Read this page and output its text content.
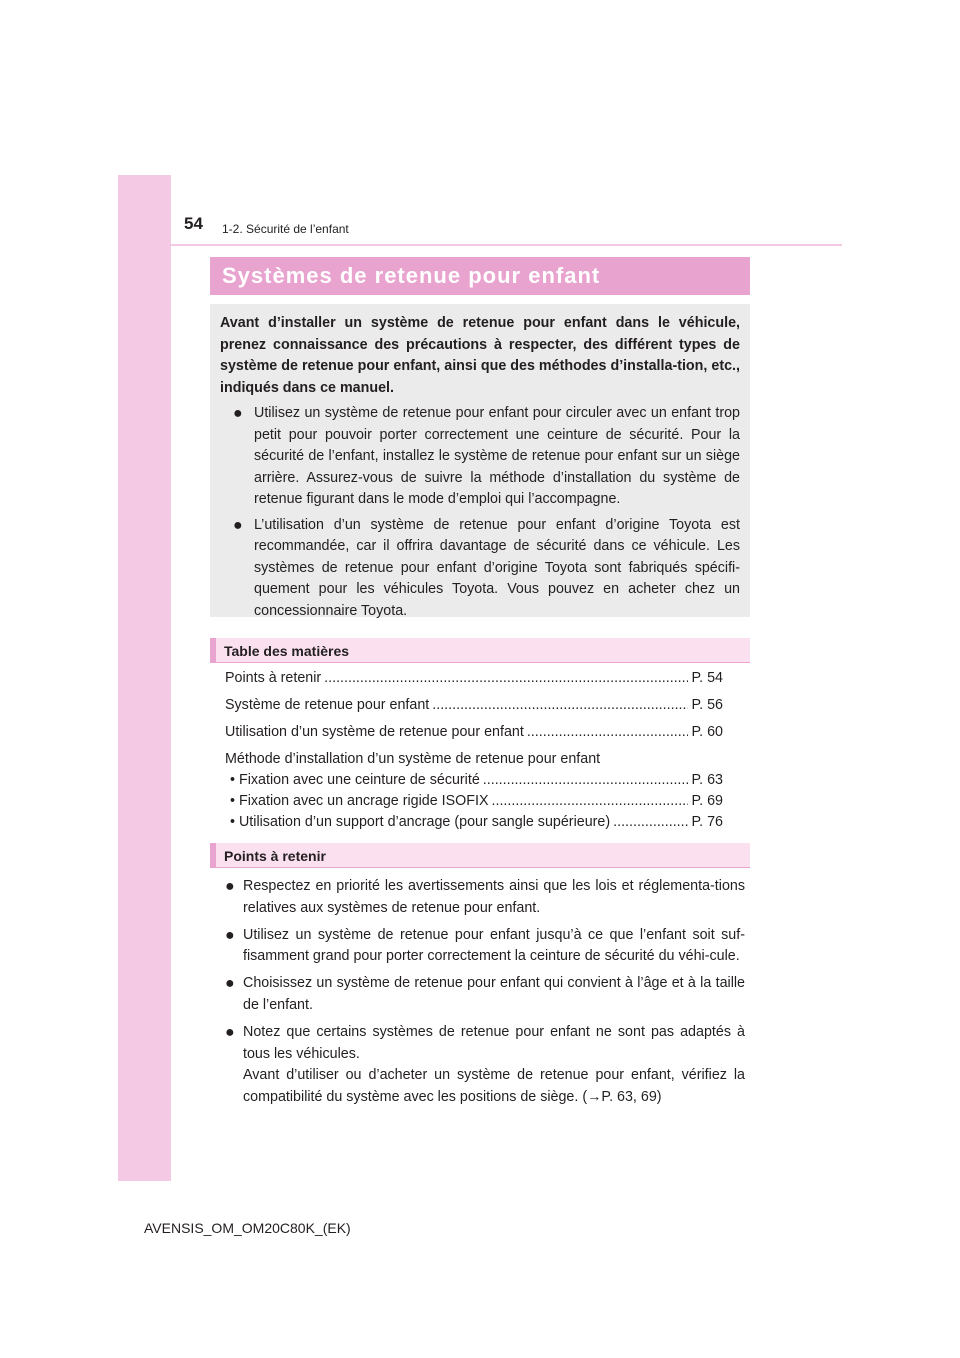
54 1-2. Sécurité de l’enfant
Systèmes de retenue pour enfant

Avant d’installer un système de retenue pour enfant dans le véhicule, prenez connaissance des précautions à respecter, des différent types de système de retenue pour enfant, ainsi que des méthodes d’installa-tion, etc., indiqués dans ce manuel.

● Utilisez un système de retenue pour enfant pour circuler avec un enfant trop petit pour pouvoir porter correctement une ceinture de sécurité. Pour la sécurité de l’enfant, installez le système de retenue pour enfant sur un siège arrière. Assurez-vous de suivre la méthode d’installation du système de retenue figurant dans le mode d’emploi qui l’accompagne.
● L’utilisation d’un système de retenue pour enfant d’origine Toyota est recommandée, car il offrira davantage de sécurité dans ce véhicule. Les systèmes de retenue pour enfant d’origine Toyota sont fabriqués spécifi-quement pour les véhicules Toyota. Vous pouvez en acheter chez un concessionnaire Toyota.
Table des matières
Points à retenir .....	P. 54
Système de retenue pour enfant .....	P. 56
Utilisation d’un système de retenue pour enfant .....	P. 60
Méthode d’installation d’un système de retenue pour enfant
• Fixation avec une ceinture de sécurité .....	P. 63
• Fixation avec un ancrage rigide ISOFIX .....	P. 69
• Utilisation d’un support d’ancrage (pour sangle supérieure) .....	P. 76
Points à retenir
● Respectez en priorité les avertissements ainsi que les lois et réglementa-tions relatives aux systèmes de retenue pour enfant.
● Utilisez un système de retenue pour enfant jusqu’à ce que l’enfant soit suf-fisamment grand pour porter correctement la ceinture de sécurité du véhi-cule.
● Choisissez un système de retenue pour enfant qui convient à l’âge et à la taille de l’enfant.
● Notez que certains systèmes de retenue pour enfant ne sont pas adaptés à tous les véhicules.
Avant d’utiliser ou d’acheter un système de retenue pour enfant, vérifiez la compatibilité du système avec les positions de siège. (→P. 63, 69)
AVENSIS_OM_OM20C80K_(EK)
